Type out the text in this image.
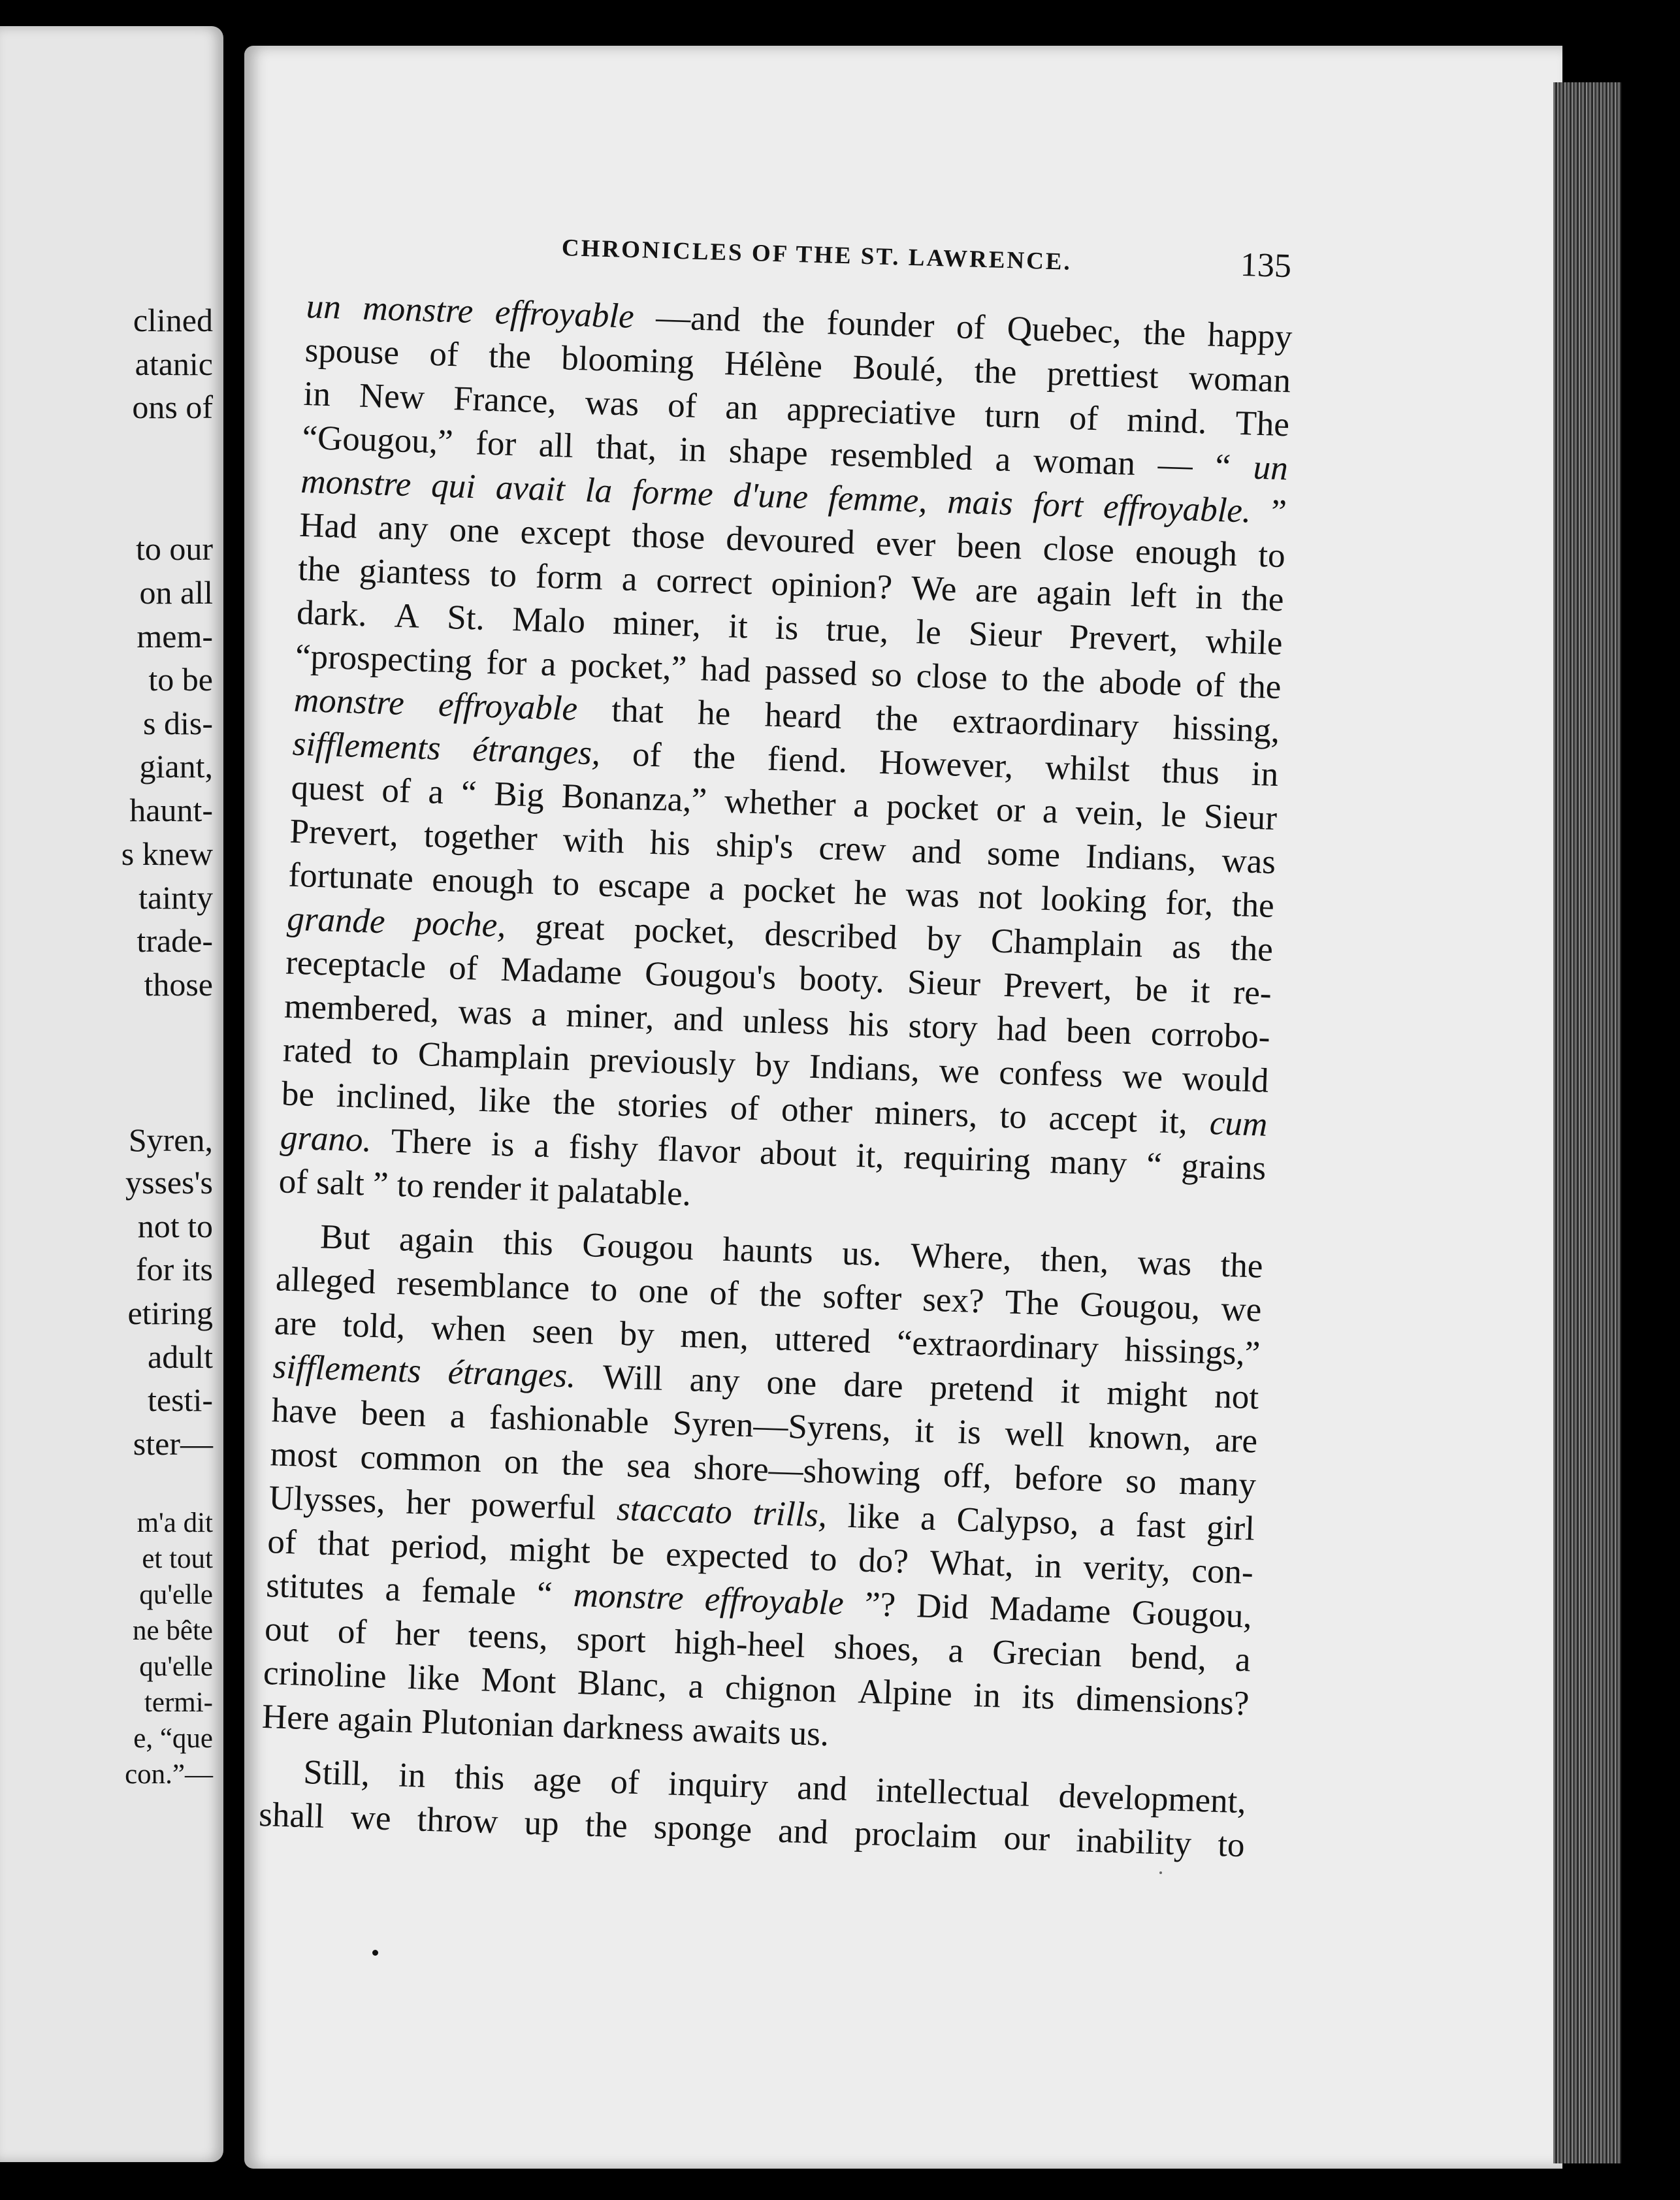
clined
atanic
ons of
to our
on all
mem-
to be
s dis-
giant,
haunt-
s knew
tainty
trade-
those
Syren,
ysses's
not to
for its
etiring
adult
testi-
ster—
m'a dit
et tout
qu'elle
ne bête
qu'elle
termi-
e, “que
con.”—
CHRONICLES OF THE ST. LAWRENCE.	135
un monstre effroyable —and the founder of Quebec, the happy
spouse of the blooming Hélène Boulé, the prettiest woman
in New France, was of an appreciative turn of mind. The
“Gougou,” for all that, in shape resembled a woman — “ un
monstre qui avait la forme d'une femme, mais fort effroyable. ”
Had any one except those devoured ever been close enough to
the giantess to form a correct opinion? We are again left in the
dark. A St. Malo miner, it is true, le Sieur Prevert, while
“prospecting for a pocket,” had passed so close to the abode of the
monstre effroyable that he heard the extraordinary hissing,
sifflements étranges, of the fiend. However, whilst thus in
quest of a “ Big Bonanza,” whether a pocket or a vein, le Sieur
Prevert, together with his ship's crew and some Indians, was
fortunate enough to escape a pocket he was not looking for, the
grande poche, great pocket, described by Champlain as the
receptacle of Madame Gougou's booty. Sieur Prevert, be it re-
membered, was a miner, and unless his story had been corrobo-
rated to Champlain previously by Indians, we confess we would
be inclined, like the stories of other miners, to accept it, cum
grano. There is a fishy flavor about it, requiring many “ grains
of salt ” to render it palatable.
But again this Gougou haunts us. Where, then, was the
alleged resemblance to one of the softer sex? The Gougou, we
are told, when seen by men, uttered “extraordinary hissings,”
sifflements étranges. Will any one dare pretend it might not
have been a fashionable Syren—Syrens, it is well known, are
most common on the sea shore—showing off, before so many
Ulysses, her powerful staccato trills, like a Calypso, a fast girl
of that period, might be expected to do? What, in verity, con-
stitutes a female “ monstre effroyable ”? Did Madame Gougou,
out of her teens, sport high-heel shoes, a Grecian bend, a
crinoline like Mont Blanc, a chignon Alpine in its dimensions?
Here again Plutonian darkness awaits us.
Still, in this age of inquiry and intellectual development,
shall we throw up the sponge and proclaim our inability to
